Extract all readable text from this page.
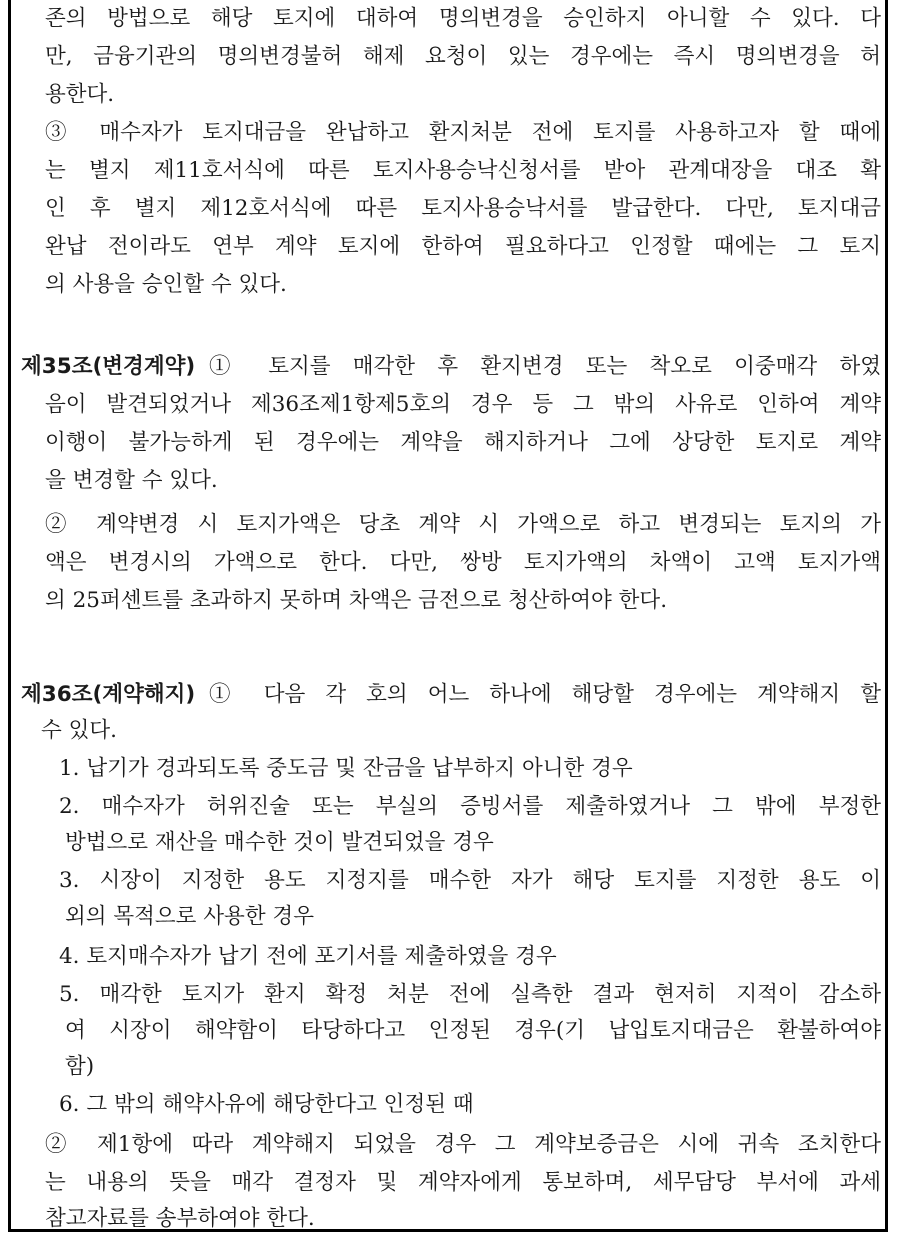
존의 방법으로 해당 토지에 대하여 명의변경을 승인하지 아니할 수 있다. 다
만, 금융기관의 명의변경불허 해제 요청이 있는 경우에는 즉시 명의변경을 허
용한다.
③ 매수자가 토지대금을 완납하고 환지처분 전에 토지를 사용하고자 할 때에
는 별지 제11호서식에 따른 토지사용승낙신청서를 받아 관계대장을 대조 확
인 후 별지 제12호서식에 따른 토지사용승낙서를 발급한다. 다만, 토지대금
완납 전이라도 연부 계약 토지에 한하여 필요하다고 인정할 때에는 그 토지
의 사용을 승인할 수 있다.
제35조(변경계약) ① 토지를 매각한 후 환지변경 또는 착오로 이중매각 하였
음이 발견되었거나 제36조제1항제5호의 경우 등 그 밖의 사유로 인하여 계약
이행이 불가능하게 된 경우에는 계약을 해지하거나 그에 상당한 토지로 계약
을 변경할 수 있다.
② 계약변경 시 토지가액은 당초 계약 시 가액으로 하고 변경되는 토지의 가
액은 변경시의 가액으로 한다. 다만, 쌍방 토지가액의 차액이 고액 토지가액
의 25퍼센트를 초과하지 못하며 차액은 금전으로 청산하여야 한다.
제36조(계약해지) ① 다음 각 호의 어느 하나에 해당할 경우에는 계약해지 할
수 있다.
1. 납기가 경과되도록 중도금 및 잔금을 납부하지 아니한 경우
2. 매수자가 허위진술 또는 부실의 증빙서를 제출하였거나 그 밖에 부정한
방법으로 재산을 매수한 것이 발견되었을 경우
3. 시장이 지정한 용도 지정지를 매수한 자가 해당 토지를 지정한 용도 이
외의 목적으로 사용한 경우
4. 토지매수자가 납기 전에 포기서를 제출하였을 경우
5. 매각한 토지가 환지 확정 처분 전에 실측한 결과 현저히 지적이 감소하
여 시장이 해약함이 타당하다고 인정된 경우(기 납입토지대금은 환불하여야
함)
6. 그 밖의 해약사유에 해당한다고 인정된 때
② 제1항에 따라 계약해지 되었을 경우 그 계약보증금은 시에 귀속 조치한다
는 내용의 뜻을 매각 결정자 및 계약자에게 통보하며, 세무담당 부서에 과세
참고자료를 송부하여야 한다.
